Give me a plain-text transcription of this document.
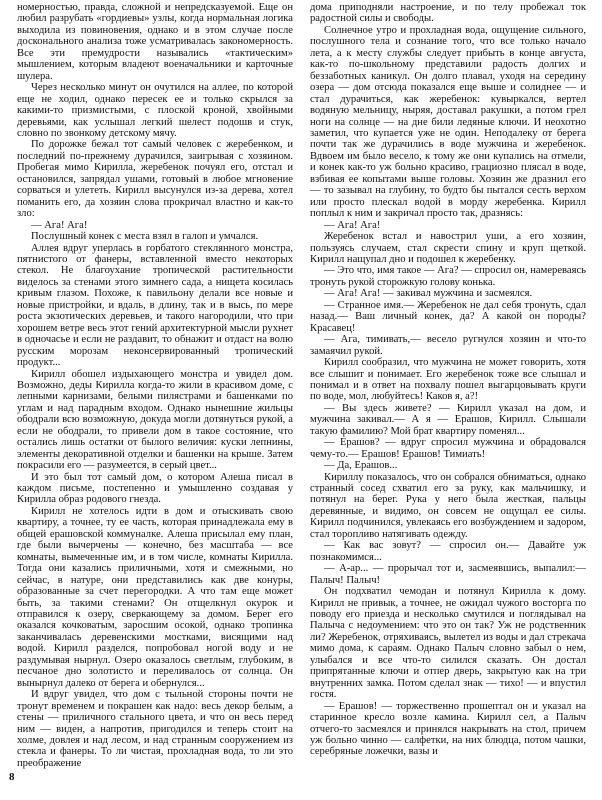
номерностью, правда, сложной и непредсказуемой. Еще он любил разрубать «гордиевы» узлы, когда нормальная логика выходила из повиновения, однако и в этом случае после досконального анализа тоже усматривалась закономерность. Все эти премудрости назывались «тактическим» мышлением, которым владеют военачальники и карточные шулера.

Через несколько минут он очутился на аллее, по которой еще не ходил, однако пересек ее и только скрылся за какими-то призмистыми, с плоской кроной, хвойными деревьями, как услышал легкий шелест подошв и стук, словно по звонкому детскому мячу.

По дорожке бежал тот самый человек с жеребенком, и последний по-прежнему дурачился, заигрывая с хозяином. Пробегая мимо Кирилла, жеребенок почуял его, отстал и остановился, запрядал ушами, готовый в любое мгновение сорваться и улететь. Кирилл высунулся из-за дерева, хотел поманить его, да хозяин словa прокричал властно и как-то зло:

— Ага! Ага!

Послушный конек с места взял в галоп и умчался.

Аллея вдруг уперлась в горбатого стеклянного монстра, пятнистого от фанеры, вставленной вместо некоторых стекол. Не благоухание тропической растительности виделось за стенами этого зимнего сада, а нищета косилась кривым глазом. Похоже, к павильону делали все новые и новые пристройки, и вдаль, в длину, так и в высь, по мере роста экзотических деревьев, и такого нагородили, что при хорошем ветре весь этот гений архитектурной мысли рухнет в одночасье и если не раздавит, то обнажит и отдаст на волю русским морозам неконсервированный тропический продукт...

Кирилл обошел издыхающего монстра и увидел дом. Возможно, деды Кирилла когда-то жили в красивом доме, с лепными карнизами, белыми пилястрами и башенками по углам и над парадным входом. Однако нынешние жильцы ободрали всю возможную, докуда могли дотянуться рукой, а если не ободрали, то привели дом в такое состояние, что остались лишь остатки от былого величия: куски лепнины, элементы декоративной отделки и башенки на крыше. Затем покрасили его — разумеется, в серый цвет...

И это был тот самый дом, о котором Алеша писал в каждом письме, постепенно и умышленно создавая у Кирилла образ родового гнезда.

Кирилл не хотелось идти в дом и отыскивать свою квартиру, а точнее, ту ее часть, которая принадлежала ему в общей ерашовской коммуналке. Алеша присылал ему план, где были вычерчены — конечно, без масштаба — все комнаты, вымеченные им, и в том числе, комнаты Кирилла. Тогда они казались приличными, хотя и смежными, но сейчас, в натуре, они представились как две конуры, образованные за счет перегородки. А что там еще может быть, за такими стенами? Он отщелкнул окурок и отправился к озеру, сверкающему за домом. Берег его оказался кочковатым, заросшим осокой, однако тропинка заканчивалась деревенскими мостками, висящими над водой. Кирилл разделся, попробовал ногой воду и не раздумывая нырнул. Озеро оказалось светлым, глубоким, в песчаное дно золотисто и переливалось от солнца. Он вынырнул далеко от берега и обернулся...

И вдруг увидел, что дом с тыльной стороны почти не тронут временем и покрашен как надо: весь декор белым, а стены — приличного стального цвета, и что он весь перед ним — виден, а напротив, пригодился и теперь стоит на холме, довлея и над лесом, и над странным сооружением из стекла и фанеры. То ли чистая, прохладная вода, то ли это преображение

дома приподняли настроение, и по телу пробежал ток радостной силы и свободы.

Солнечное утро и прохладная вода, ощущение сильного, послушного тела и сознание того, что все только начало лета, а к месту службы следует прибыть в конце августа, как-то по-школьному представили радость долгих и беззаботных каникул. Он долго плавал, уходя на середину озера — дом отсюда показался еще выше и солиднее — и стал дурачиться, как жеребенок: кувыркался, вертел водяную мельницу, ныряя, доставал ракушки, а потом грел ноги на солнце — на дне били ледяные ключи. И неохотно заметил, что купается уже не один. Неподалеку от берега почти так же дурачились в воде мужчина и жеребенок. Вдвоем им было весело, к тому же они купались на отмели, и конек как-то уж больно красиво, грациозно плясал в воде, взбивая ее копытами выше головы. Хозяин же дразнил его — то зазывал на глубину, то будто бы пытался сесть верхом или просто плескал водой в морду жеребенка. Кирилл поплыл к ним и закричал просто так, дразнясь:

— Ага! Ага!

Жеребенок встал и навострил уши, а его хозяин, пользуясь случаем, стал скрести спину и круп щеткой. Кирилл нащупал дно и подошел к жеребенку.

— Это что, имя такое — Ага? — спросил он, намереваясь тронуть рукой сторожкую голову конька.

— Ага! Ага! — закивал мужчина и засмеялся.

— Странное имя.— Жеребенок не дал себя тронуть, сдал назад.— Ваш личный конек, да? А какой он породы? Красавец!

— Ага, тимивать,— весело ругнулся хозяин и что-то замаячил рукой.

Кирилл сообразил, что мужчина не может говорить, хотя все слышит и понимает. Его жеребенок тоже все слышал и понимал и в ответ на похвалу пошел выгарцовывать круги по воде, мол, любуйтесь! Каков я, а?!

— Вы здесь живете? — Кирилл указал на дом, и мужчина закивал.— А я — Ерашов, Кирилл. Слышали такую фамилию? Мой брат квартиру поменял...

— Ерашов? — вдруг спросил мужчина и обрадовался чему-то.— Ерашов! Ерашов! Тимиать!

— Да, Ерашов...

Кириллу показалось, что он собрался обниматься, однако странный сосед схватил его за руку, как мальчишку, и потянул на берег. Рука у него была жесткая, пальцы деревянные, и видимо, он совсем не ощущал ее силы. Кирилл подчинился, увлекаясь его возбуждением и задором, стал торопливо натягивать одежду.

— Как вас зовут? — спросил он.— Давайте уж познакомимся...

— А-ар... — прорычал тот и, засмеявшись, выпалил:— Палыч! Палыч!

Он подхватил чемодан и потянул Кирилла к дому. Кирилл не привык, а точнее, не ожидал чужого восторга по поводу его приезда и несколько смутился и поглядывал на Палыча с недоумением: что это он так? Уж не родственник ли? Жеребенок, отряхиваясь, вылетел из воды и дал стрекача мимо дома, к сараям. Однако Палыч словно забыл о нем, улыбался и все что-то силился сказать. Он достал припрятанные ключи и отпер дверь, закрытую как на три внутренних замка. Потом сделал знак — тихо! — и впустил гостя.

— Ерашов! — торжественно прошептал он и указал на старинное кресло возле камина. Кирилл сел, а Палыч отчего-то засмеялся и принялся накрывать на стол, причем уж больно чинно — салфетки, на них блюдца, потом чашки, серебряные ложечки, вазы и

8
